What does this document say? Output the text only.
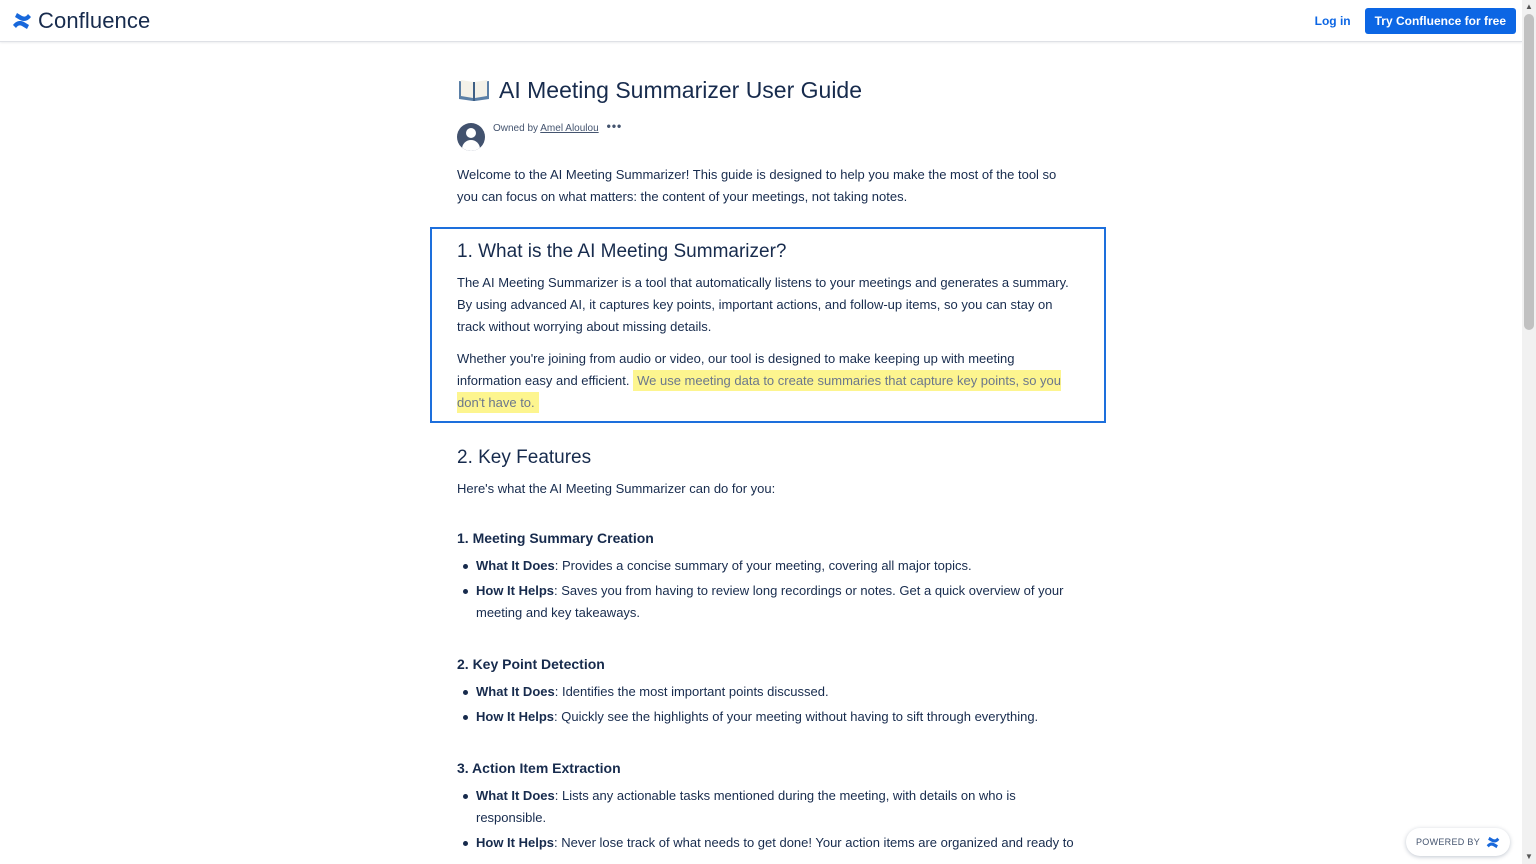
Confluence	Log in	Try Confluence for free
▲
▼
AI Meeting Summarizer User Guide
Owned by Amel Aloulou •••

Welcome to the AI Meeting Summarizer! This guide is designed to help you make the most of the tool so you can focus on what matters: the content of your meetings, not taking notes.

1. What is the AI Meeting Summarizer?

The AI Meeting Summarizer is a tool that automatically listens to your meetings and generates a summary. By using advanced AI, it captures key points, important actions, and follow-up items, so you can stay on track without worrying about missing details.

Whether you're joining from audio or video, our tool is designed to make keeping up with meeting information easy and efficient. We use meeting data to create summaries that capture key points, so you don't have to.

2. Key Features

Here's what the AI Meeting Summarizer can do for you:

1. Meeting Summary Creation
What It Does: Provides a concise summary of your meeting, covering all major topics.
How It Helps: Saves you from having to review long recordings or notes. Get a quick overview of your meeting and key takeaways.
2. Key Point Detection
What It Does: Identifies the most important points discussed.
How It Helps: Quickly see the highlights of your meeting without having to sift through everything.
3. Action Item Extraction
What It Does: Lists any actionable tasks mentioned during the meeting, with details on who is responsible.
How It Helps: Never lose track of what needs to get done! Your action items are organized and ready to	POWERED BY
